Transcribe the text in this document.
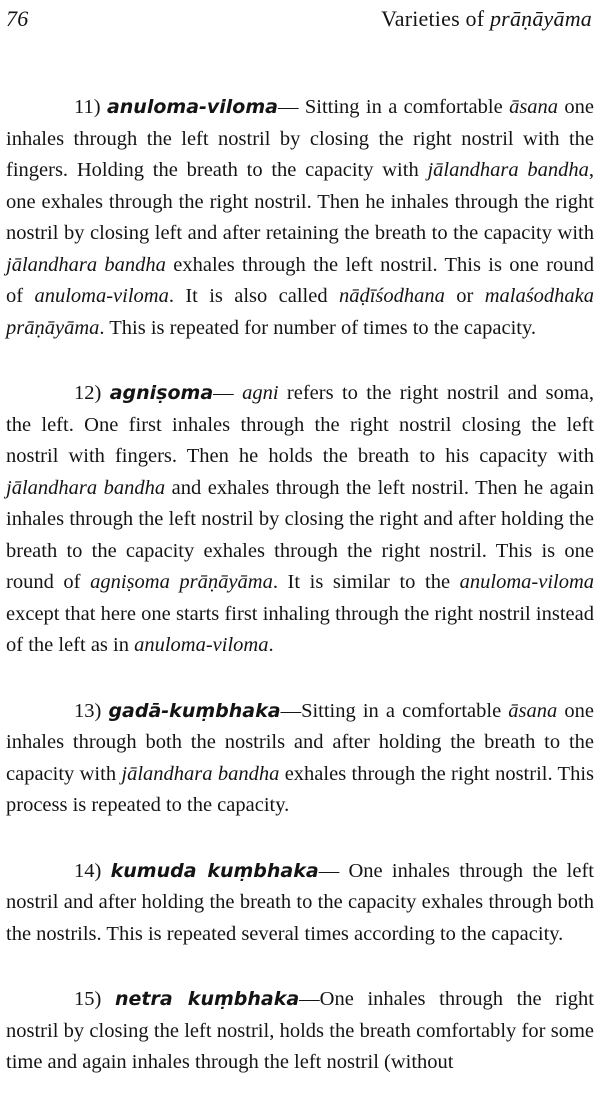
76	Varieties of prāṇāyāma

11) anuloma-viloma— Sitting in a comfortable āsana one inhales through the left nostril by closing the right nostril with the fingers. Holding the breath to the capacity with jālandhara bandha, one exhales through the right nostril. Then he inhales through the right nostril by closing left and after retaining the breath to the capacity with jālandhara bandha exhales through the left nostril. This is one round of anuloma-viloma. It is also called nāḍīśodhana or malaśodhaka prāṇāyāma. This is repeated for number of times to the capacity.

12) agniṣoma— agni refers to the right nostril and soma, the left. One first inhales through the right nostril closing the left nostril with fingers. Then he holds the breath to his capacity with jālandhara bandha and exhales through the left nostril. Then he again inhales through the left nostril by closing the right and after holding the breath to the capacity exhales through the right nostril. This is one round of agniṣoma prāṇāyāma. It is similar to the anuloma-viloma except that here one starts first inhaling through the right nostril instead of the left as in anuloma-viloma.

13) gadā-kuṃbhaka—Sitting in a comfortable āsana one inhales through both the nostrils and after holding the breath to the capacity with jālandhara bandha exhales through the right nostril. This process is repeated to the capacity.

14) kumuda kuṃbhaka— One inhales through the left nostril and after holding the breath to the capacity exhales through both the nostrils. This is repeated several times according to the capacity.

15) netra kuṃbhaka—One inhales through the right nostril by closing the left nostril, holds the breath comfortably for some time and again inhales through the left nostril (without
